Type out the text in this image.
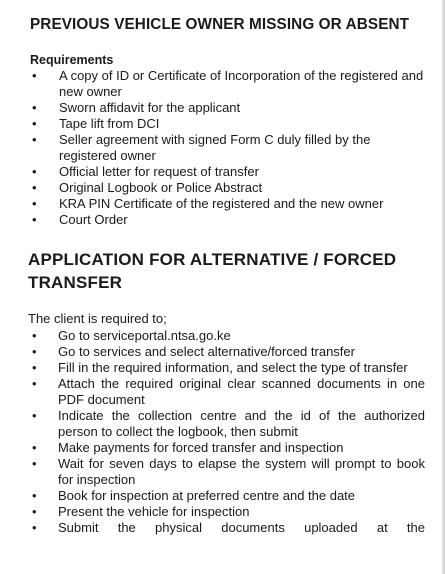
PREVIOUS VEHICLE OWNER MISSING OR ABSENT
Requirements
• A copy of ID or Certificate of Incorporation of the registered and new owner
• Sworn affidavit for the applicant
• Tape lift from DCI
• Seller agreement with signed Form C duly filled by the registered owner
• Official letter for request of transfer
• Original Logbook or Police Abstract
• KRA PIN Certificate of the registered and the new owner
• Court Order
APPLICATION FOR ALTERNATIVE / FORCED TRANSFER

The client is required to;

• Go to serviceportal.ntsa.go.ke
• Go to services and select alternative/forced transfer
• Fill in the required information, and select the type of transfer
• Attach the required original clear scanned documents in one PDF document
• Indicate the collection centre and the id of the authorized person to collect the logbook, then submit
• Make payments for forced transfer and inspection
• Wait for seven days to elapse the system will prompt to book for inspection
• Book for inspection at preferred centre and the date
• Present the vehicle for inspection
• Submit the physical documents uploaded at the
